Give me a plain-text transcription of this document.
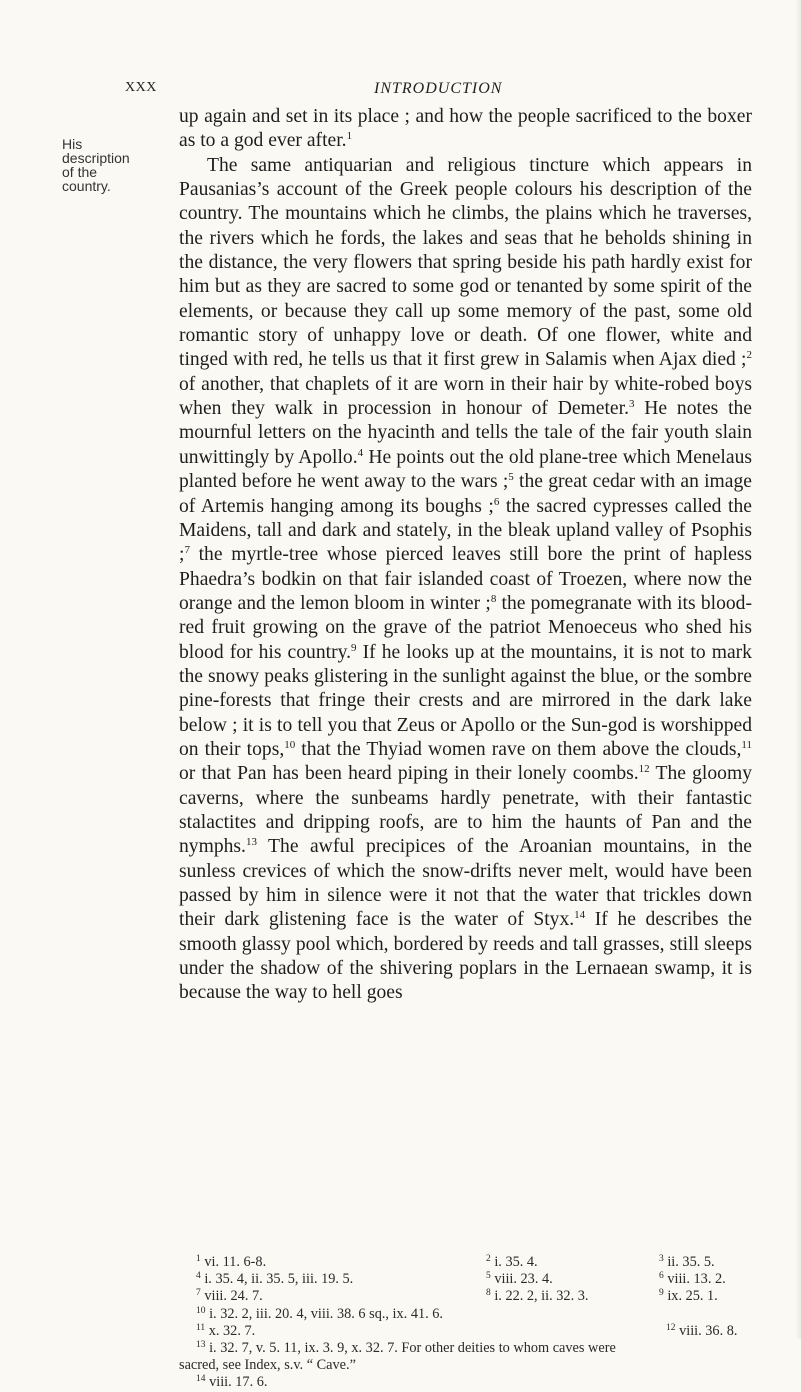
XXX	INTRODUCTION
His
description
of the
country.

up again and set in its place ; and how the people sacrificed to the boxer as to a god ever after.$^1$

The same antiquarian and religious tincture which appears in Pausanias’s account of the Greek people colours his description of the country. The mountains which he climbs, the plains which he traverses, the rivers which he fords, the lakes and seas that he beholds shining in the distance, the very flowers that spring beside his path hardly exist for him but as they are sacred to some god or tenanted by some spirit of the elements, or because they call up some memory of the past, some old romantic story of unhappy love or death. Of one flower, white and tinged with red, he tells us that it first grew in Salamis when Ajax died ;$^2$ of another, that chaplets of it are worn in their hair by white-robed boys when they walk in procession in honour of Demeter.$^3$ He notes the mournful letters on the hyacinth and tells the tale of the fair youth slain unwittingly by Apollo.$^4$ He points out the old plane-tree which Menelaus planted before he went away to the wars ;$^5$ the great cedar with an image of Artemis hanging among its boughs ;$^6$ the sacred cypresses called the Maidens, tall and dark and stately, in the bleak upland valley of Psophis ;$^7$ the myrtle-tree whose pierced leaves still bore the print of hapless Phaedra’s bodkin on that fair islanded coast of Troezen, where now the orange and the lemon bloom in winter ;$^8$ the pomegranate with its blood-red fruit growing on the grave of the patriot Menoeceus who shed his blood for his country.$^9$ If he looks up at the mountains, it is not to mark the snowy peaks glistering in the sunlight against the blue, or the sombre pine-forests that fringe their crests and are mirrored in the dark lake below ; it is to tell you that Zeus or Apollo or the Sun-god is worshipped on their tops,$^{10}$ that the Thyiad women rave on them above the clouds,$^{11}$ or that Pan has been heard piping in their lonely coombs.$^{12}$ The gloomy caverns, where the sunbeams hardly penetrate, with their fantastic stalactites and dripping roofs, are to him the haunts of Pan and the nymphs.$^{13}$ The awful precipices of the Aroanian mountains, in the sunless crevices of which the snow-drifts never melt, would have been passed by him in silence were it not that the water that trickles down their dark glistening face is the water of Styx.$^{14}$ If he describes the smooth glassy pool which, bordered by reeds and tall grasses, still sleeps under the shadow of the shivering poplars in the Lernaean swamp, it is because the way to hell goes

$^1$ vi. 11. 6-8.	$^2$ i. 35. 4.	$^3$ ii. 35. 5.
$^4$ i. 35. 4, ii. 35. 5, iii. 19. 5.	$^5$ viii. 23. 4.	$^6$ viii. 13. 2.
$^7$ viii. 24. 7.	$^8$ i. 22. 2, ii. 32. 3.	$^9$ ix. 25. 1.
$^{10}$ i. 32. 2, iii. 20. 4, viii. 38. 6 sq., ix. 41. 6.
$^{11}$ x. 32. 7.	$^{12}$ viii. 36. 8.
$^{13}$ i. 32. 7, v. 5. 11, ix. 3. 9, x. 32. 7. For other deities to whom caves were
sacred, see Index, s.v. “ Cave.”
$^{14}$ viii. 17. 6.
